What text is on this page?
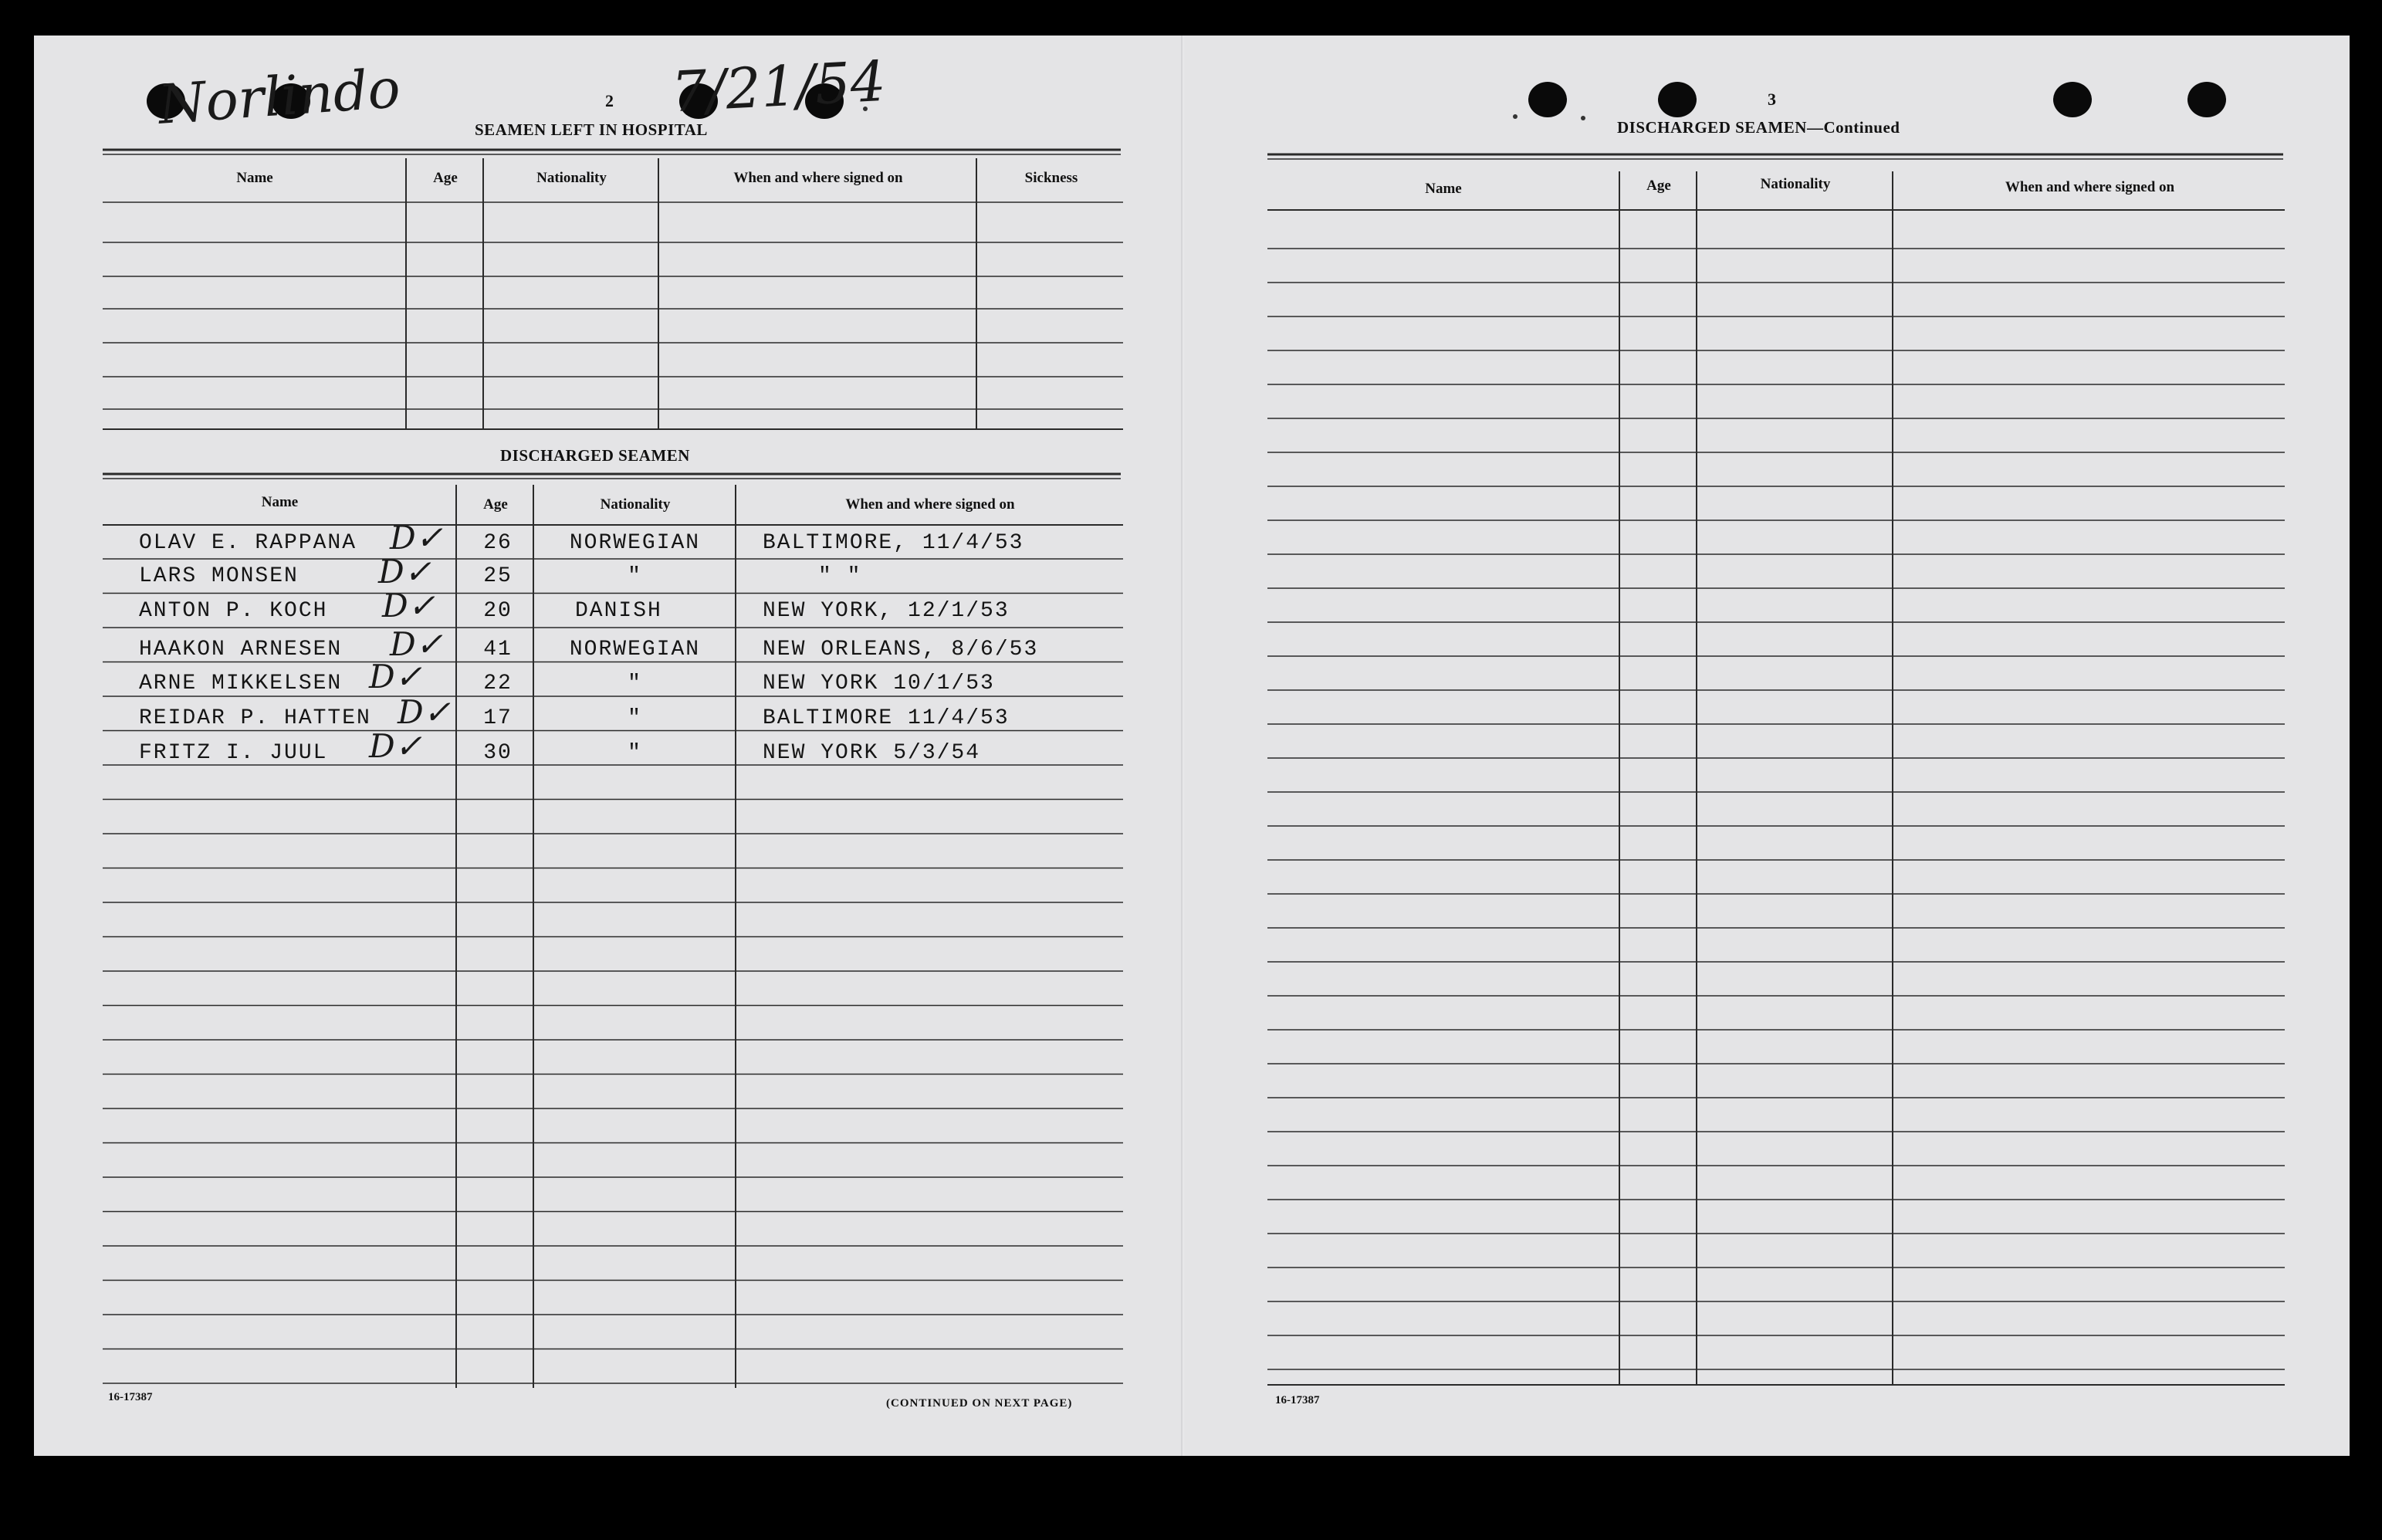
Norlindo	7/21/54
2
SEAMEN LEFT IN HOSPITAL
Name	Age	Nationality	When and where signed on	Sickness
DISCHARGED SEAMEN
Name	Age	Nationality	When and where signed on
OLAV E. RAPPANA D✓	26	NORWEGIAN	BALTIMORE, 11/4/53
LARS MONSEN D✓	25	"	" "
ANTON P. KOCH D✓	20	DANISH	NEW YORK, 12/1/53
HAAKON ARNESEN D✓	41	NORWEGIAN	NEW ORLEANS, 8/6/53
ARNE MIKKELSEN D✓	22	"	NEW YORK 10/1/53
REIDAR P. HATTEN D✓	17	"	BALTIMORE 11/4/53
FRITZ I. JUUL D✓	30	"	NEW YORK 5/3/54
16-17387	(CONTINUED ON NEXT PAGE)
3
DISCHARGED SEAMEN—Continued
Name	Age	Nationality	When and where signed on
16-17387
